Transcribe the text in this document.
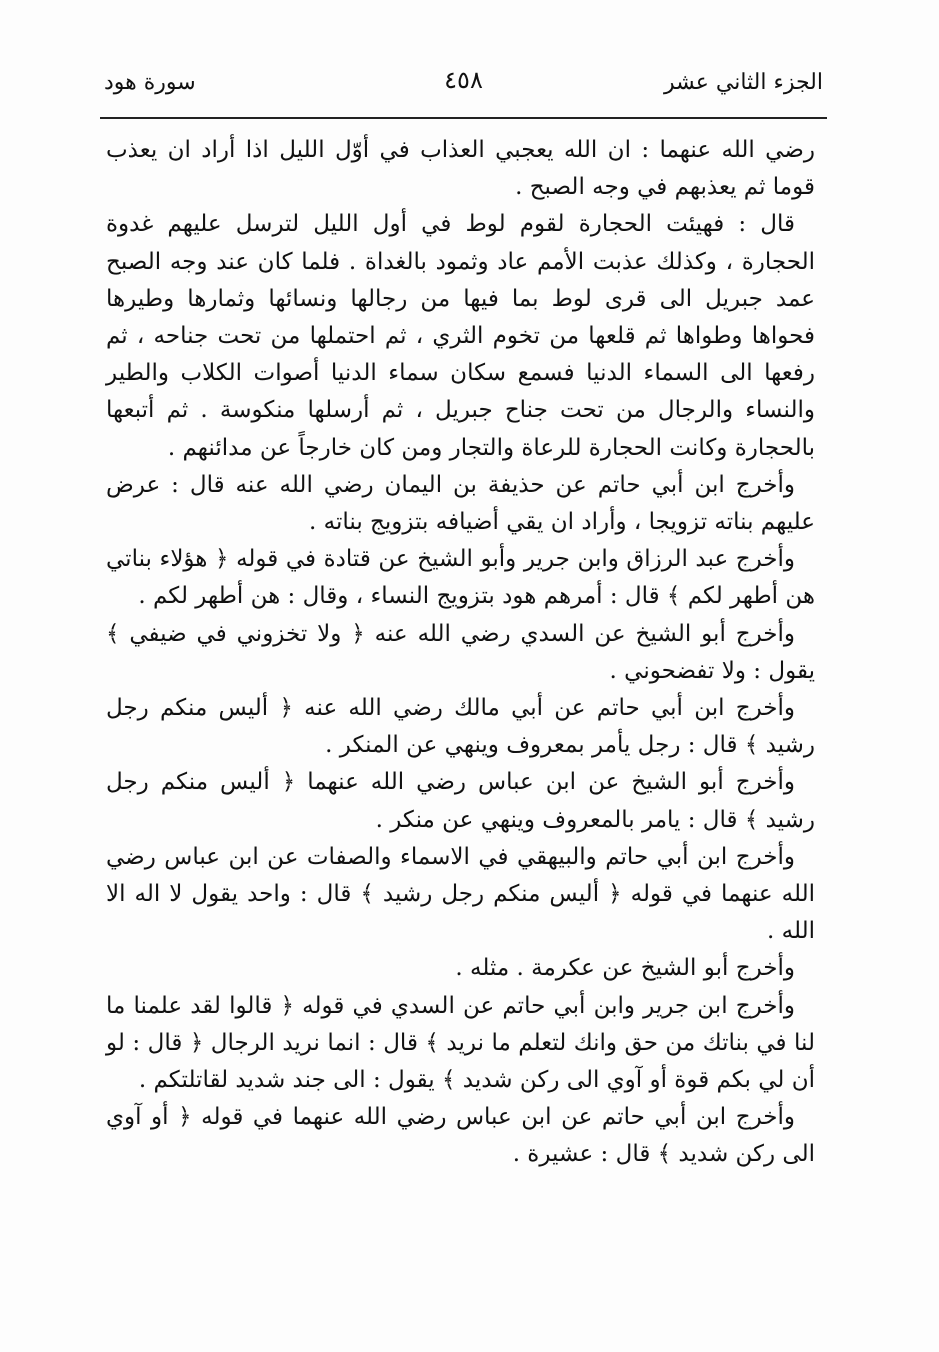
الجزء الثاني عشر
٤٥٨
سورة هود

رضي الله عنهما : ان الله يعجبي العذاب في أوّل الليل اذا أراد ان يعذب قوما ثم يعذبهم في وجه الصبح .

قال : فهيئت الحجارة لقوم لوط في أول الليل لترسل عليهم غدوة الحجارة ، وكذلك عذبت الأمم عاد وثمود بالغداة . فلما كان عند وجه الصبح عمد جبريل الى قرى لوط بما فيها من رجالها ونسائها وثمارها وطيرها فحواها وطواها ثم قلعها من تخوم الثري ، ثم احتملها من تحت جناحه ، ثم رفعها الى السماء الدنيا فسمع سكان سماء الدنيا أصوات الكلاب والطير والنساء والرجال من تحت جناح جبريل ، ثم أرسلها منكوسة . ثم أتبعها بالحجارة وكانت الحجارة للرعاة والتجار ومن كان خارجاً عن مدائنهم .

وأخرج ابن أبي حاتم عن حذيفة بن اليمان رضي الله عنه قال : عرض عليهم بناته تزويجا ، وأراد ان يقي أضيافه بتزويج بناته .

وأخرج عبد الرزاق وابن جرير وأبو الشيخ عن قتادة في قوله ﴿ هؤلاء بناتي هن أطهر لكم ﴾ قال : أمرهم هود بتزويج النساء ، وقال : هن أطهر لكم .

وأخرج أبو الشيخ عن السدي رضي الله عنه ﴿ ولا تخزوني في ضيفي ﴾ يقول : ولا تفضحوني .

وأخرج ابن أبي حاتم عن أبي مالك رضي الله عنه ﴿ أليس منكم رجل رشيد ﴾ قال : رجل يأمر بمعروف وينهي عن المنكر .

وأخرج أبو الشيخ عن ابن عباس رضي الله عنهما ﴿ أليس منكم رجل رشيد ﴾ قال : يامر بالمعروف وينهي عن منكر .

وأخرج ابن أبي حاتم والبيهقي في الاسماء والصفات عن ابن عباس رضي الله عنهما في قوله ﴿ أليس منكم رجل رشيد ﴾ قال : واحد يقول لا اله الا الله .

وأخرج أبو الشيخ عن عكرمة . مثله .

وأخرج ابن جرير وابن أبي حاتم عن السدي في قوله ﴿ قالوا لقد علمنا ما لنا في بناتك من حق وانك لتعلم ما نريد ﴾ قال : انما نريد الرجال ﴿ قال : لو أن لي بكم قوة أو آوي الى ركن شديد ﴾ يقول : الى جند شديد لقاتلتكم .

وأخرج ابن أبي حاتم عن ابن عباس رضي الله عنهما في قوله ﴿ أو آوي الى ركن شديد ﴾ قال : عشيرة .
